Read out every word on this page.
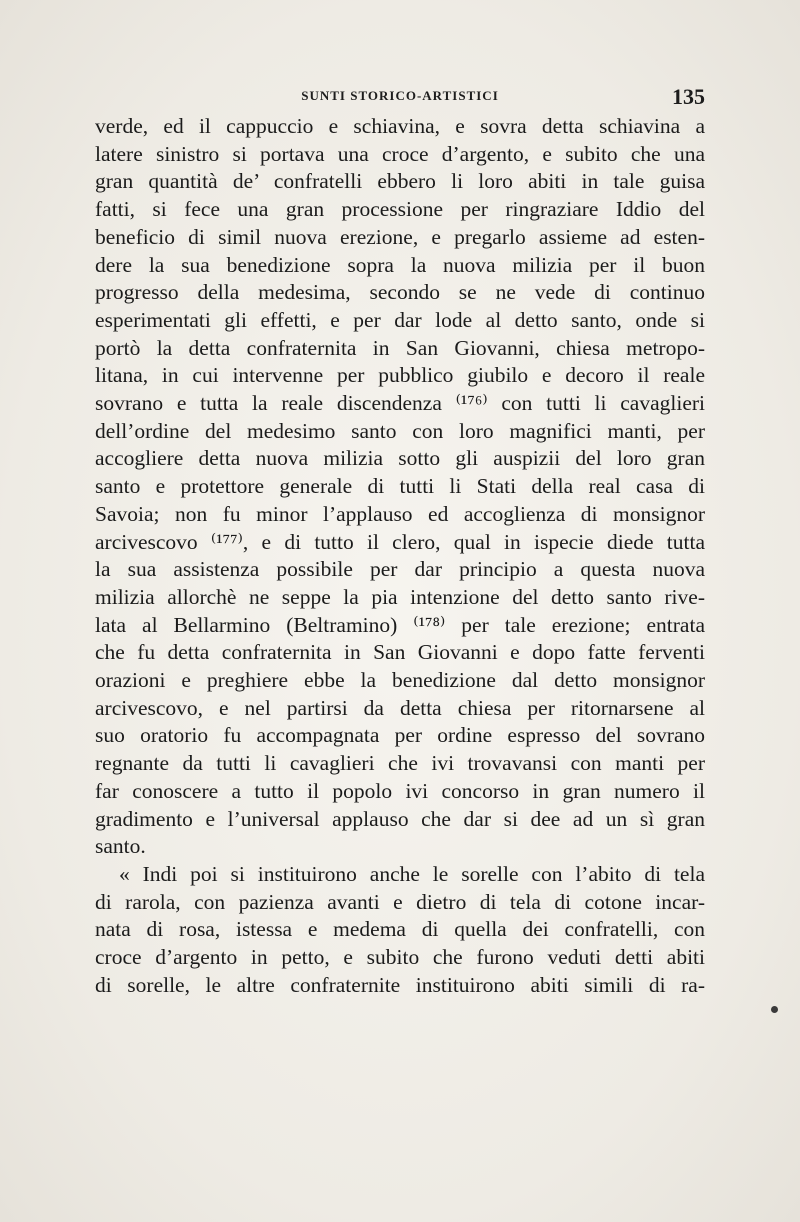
SUNTI STORICO-ARTISTICI	135
verde, ed il cappuccio e schiavina, e sovra detta schiavina a
latere sinistro si portava una croce d’argento, e subito che una
gran quantità de’ confratelli ebbero li loro abiti in tale guisa
fatti, si fece una gran processione per ringraziare Iddio del
beneficio di simil nuova erezione, e pregarlo assieme ad esten-
dere la sua benedizione sopra la nuova milizia per il buon
progresso della medesima, secondo se ne vede di continuo
esperimentati gli effetti, e per dar lode al detto santo, onde si
portò la detta confraternita in San Giovanni, chiesa metropo-
litana, in cui intervenne per pubblico giubilo e decoro il reale
sovrano e tutta la reale discendenza ⁽¹⁷⁶⁾ con tutti li cavaglieri
dell’ordine del medesimo santo con loro magnifici manti, per
accogliere detta nuova milizia sotto gli auspizii del loro gran
santo e protettore generale di tutti li Stati della real casa di
Savoia; non fu minor l’applauso ed accoglienza di monsignor
arcivescovo ⁽¹⁷⁷⁾, e di tutto il clero, qual in ispecie diede tutta
la sua assistenza possibile per dar principio a questa nuova
milizia allorchè ne seppe la pia intenzione del detto santo rive-
lata al Bellarmino (Beltramino) ⁽¹⁷⁸⁾ per tale erezione; entrata
che fu detta confraternita in San Giovanni e dopo fatte ferventi
orazioni e preghiere ebbe la benedizione dal detto monsignor
arcivescovo, e nel partirsi da detta chiesa per ritornarsene al
suo oratorio fu accompagnata per ordine espresso del sovrano
regnante da tutti li cavaglieri che ivi trovavansi con manti per
far conoscere a tutto il popolo ivi concorso in gran numero il
gradimento e l’universal applauso che dar si dee ad un sì gran
santo.
« Indi poi si instituirono anche le sorelle con l’abito di tela
di rarola, con pazienza avanti e dietro di tela di cotone incar-
nata di rosa, istessa e medema di quella dei confratelli, con
croce d’argento in petto, e subito che furono veduti detti abiti
di sorelle, le altre confraternite instituirono abiti simili di ra-
